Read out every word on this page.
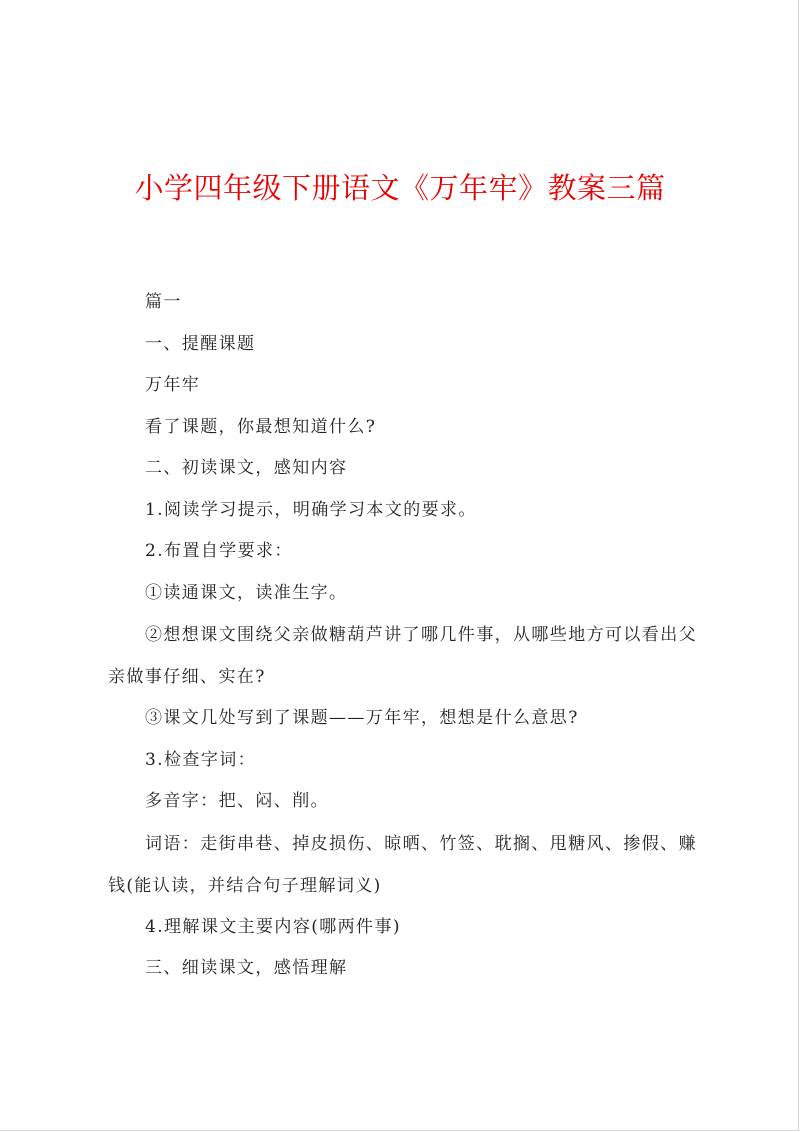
小学四年级下册语文《万年牢》教案三篇

篇一

一、提醒课题

万年牢

看了课题，你最想知道什么?

二、初读课文，感知内容

1.阅读学习提示，明确学习本文的要求。

2.布置自学要求：

①读通课文，读准生字。

②想想课文围绕父亲做糖葫芦讲了哪几件事，从哪些地方可以看出父亲做事仔细、实在?

③课文几处写到了课题——万年牢，想想是什么意思?

3.检查字词：

多音字：把、闷、削。

词语：走街串巷、掉皮损伤、晾晒、竹签、耽搁、甩糖风、掺假、赚钱(能认读，并结合句子理解词义)

4.理解课文主要内容(哪两件事)

三、细读课文，感悟理解
